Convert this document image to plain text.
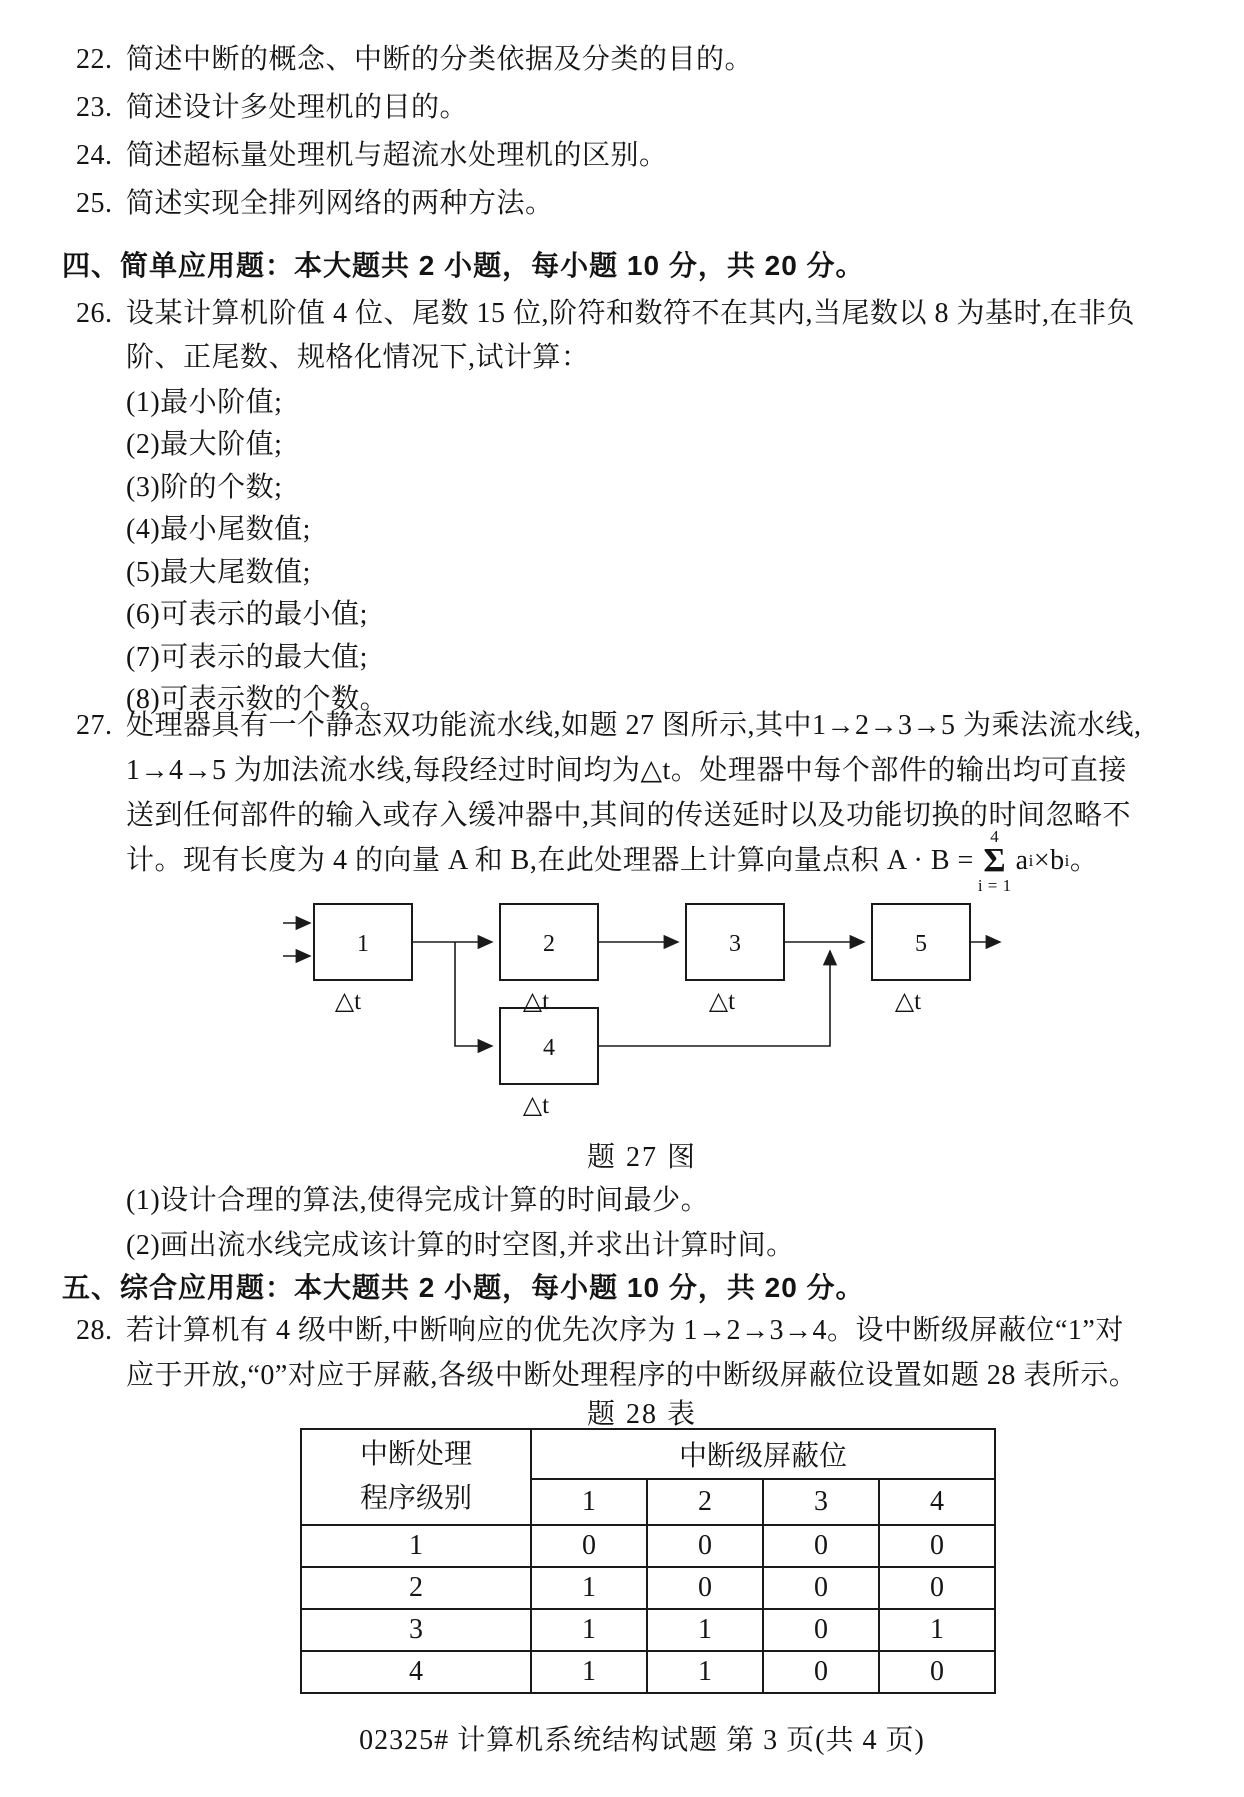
22. 简述中断的概念、中断的分类依据及分类的目的。
23. 简述设计多处理机的目的。
24. 简述超标量处理机与超流水处理机的区别。
25. 简述实现全排列网络的两种方法。
四、简单应用题：本大题共 2 小题，每小题 10 分，共 20 分。
26. 设某计算机阶值 4 位、尾数 15 位,阶符和数符不在其内,当尾数以 8 为基时,在非负
阶、正尾数、规格化情况下,试计算：
(1)最小阶值;
(2)最大阶值;
(3)阶的个数;
(4)最小尾数值;
(5)最大尾数值;
(6)可表示的最小值;
(7)可表示的最大值;
(8)可表示数的个数。
27. 处理器具有一个静态双功能流水线,如题 27 图所示,其中1→2→3→5 为乘法流水线,
1→4→5 为加法流水线,每段经过时间均为△t。处理器中每个部件的输出均可直接
送到任何部件的输入或存入缓冲器中,其间的传送延时以及功能切换的时间忽略不
计。现有长度为 4 的向量 A 和 B,在此处理器上计算向量点积 A · B =
4
Σ
i = 1
a i × b i 。
1	2	3	5
4
△t	△t	△t	△t
△t
题 27 图
(1)设计合理的算法,使得完成计算的时间最少。
(2)画出流水线完成该计算的时空图,并求出计算时间。
五、综合应用题：本大题共 2 小题，每小题 10 分，共 20 分。
28. 若计算机有 4 级中断,中断响应的优先次序为 1→2→3→4。设中断级屏蔽位“1”对
应于开放,“0”对应于屏蔽,各级中断处理程序的中断级屏蔽位设置如题 28 表所示。
题 28 表
中断处理
程序级别	中断级屏蔽位			
	1	2	3	4
1	0	0	0	0
2	1	0	0	0
3	1	1	0	1
4	1	1	0	0
02325# 计算机系统结构试题 第 3 页(共 4 页)
